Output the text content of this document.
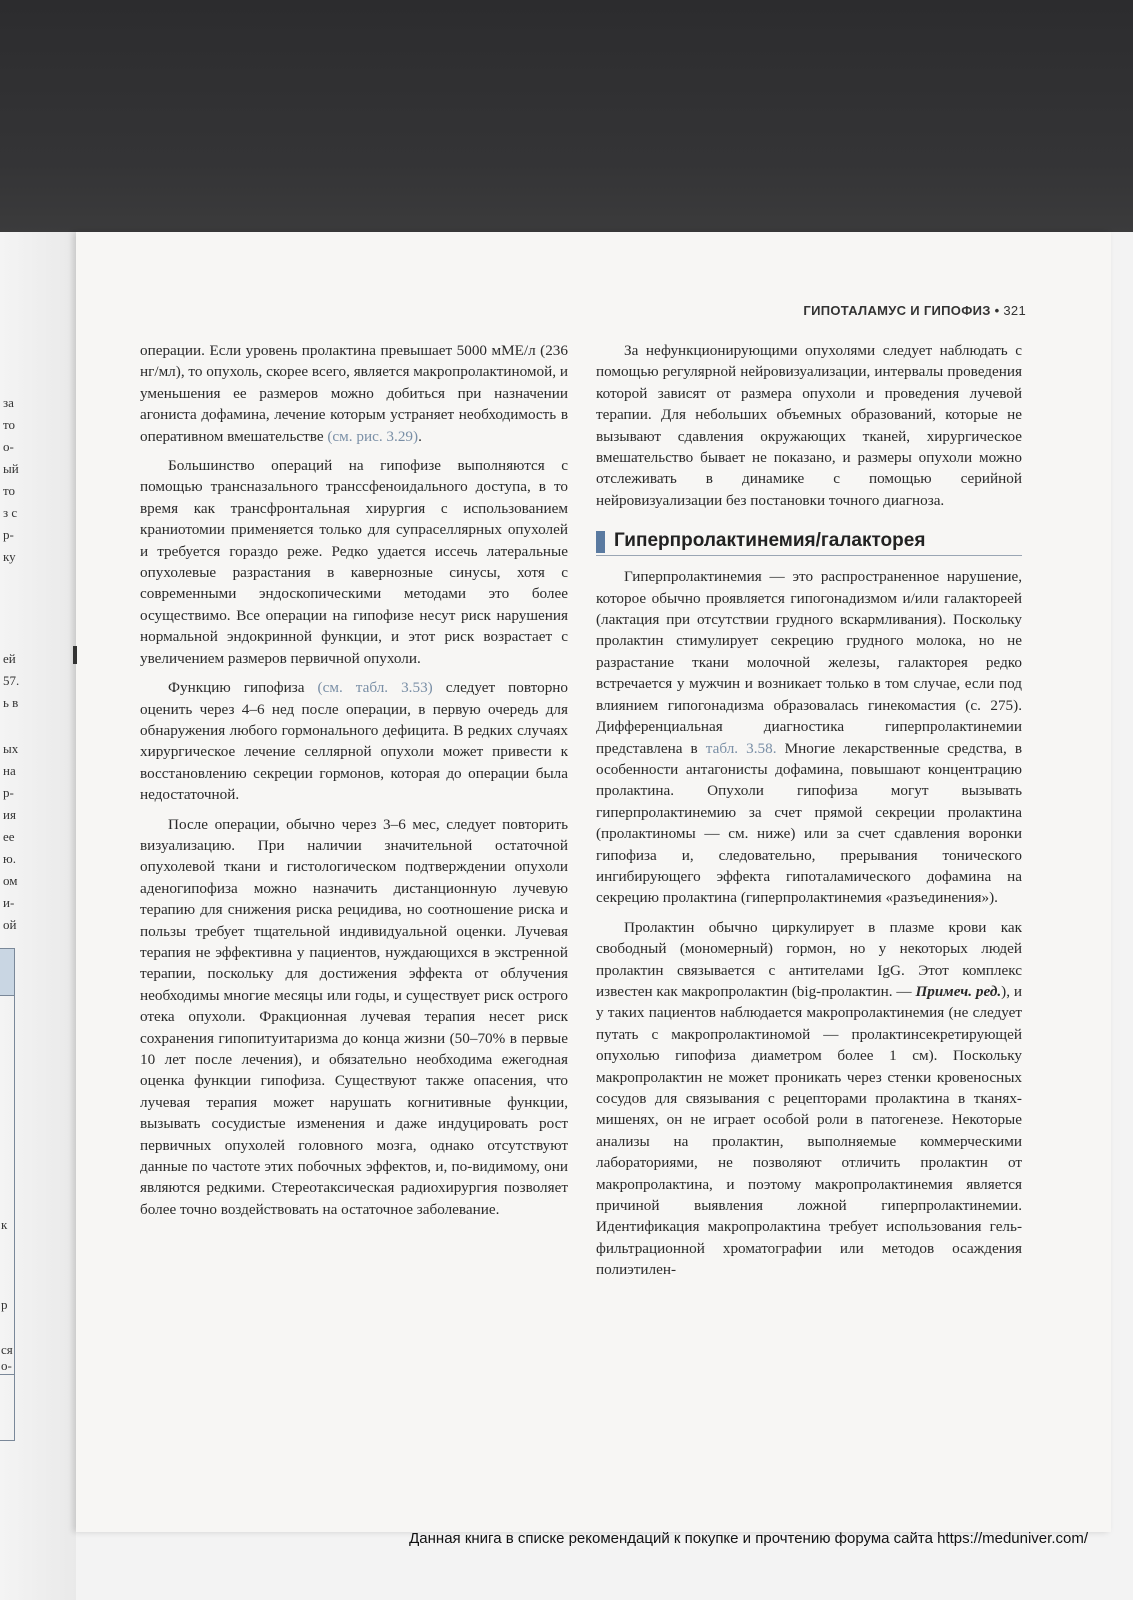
за
то
о-
ый
то
з с
р-
ку
ей
57.
ь в
ых
на
р-
ия
ее
ю.
ом
и-
ой
к
р
ся
о-
ГИПОТАЛАМУС И ГИПОФИЗ • 321

операции. Если уровень пролактина превышает 5000 мМЕ/л (236 нг/мл), то опухоль, скорее всего, является макропролактиномой, и уменьшения ее размеров можно добиться при назначении агониста дофамина, лечение которым устраняет необходимость в оперативном вмешательстве (см. рис. 3.29).

Большинство операций на гипофизе выполняются с помощью трансназального транссфеноидального доступа, в то время как трансфронтальная хирургия с использованием краниотомии применяется только для супраселлярных опухолей и требуется гораздо реже. Редко удается иссечь латеральные опухолевые разрастания в кавернозные синусы, хотя с современными эндоскопическими методами это более осуществимо. Все операции на гипофизе несут риск нарушения нормальной эндокринной функции, и этот риск возрастает с увеличением размеров первичной опухоли.

Функцию гипофиза (см. табл. 3.53) следует повторно оценить через 4–6 нед после операции, в первую очередь для обнаружения любого гормонального дефицита. В редких случаях хирургическое лечение селлярной опухоли может привести к восстановлению секреции гормонов, которая до операции была недостаточной.

После операции, обычно через 3–6 мес, следует повторить визуализацию. При наличии значительной остаточной опухолевой ткани и гистологическом подтверждении опухоли аденогипофиза можно назначить дистанционную лучевую терапию для снижения риска рецидива, но соотношение риска и пользы требует тщательной индивидуальной оценки. Лучевая терапия не эффективна у пациентов, нуждающихся в экстренной терапии, поскольку для достижения эффекта от облучения необходимы многие месяцы или годы, и существует риск острого отека опухоли. Фракционная лучевая терапия несет риск сохранения гипопитуитаризма до конца жизни (50–70% в первые 10 лет после лечения), и обязательно необходима ежегодная оценка функции гипофиза. Существуют также опасения, что лучевая терапия может нарушать когнитивные функции, вызывать сосудистые изменения и даже индуцировать рост первичных опухолей головного мозга, однако отсутствуют данные по частоте этих побочных эффектов, и, по-видимому, они являются редкими. Стереотаксическая радиохирургия позволяет более точно воздействовать на остаточное заболевание.

За нефункционирующими опухолями следует наблюдать с помощью регулярной нейровизуализации, интервалы проведения которой зависят от размера опухоли и проведения лучевой терапии. Для небольших объемных образований, которые не вызывают сдавления окружающих тканей, хирургическое вмешательство бывает не показано, и размеры опухоли можно отслеживать в динамике с помощью серийной нейровизуализации без постановки точного диагноза.

Гиперпролактинемия/галакторея

Гиперпролактинемия — это распространенное нарушение, которое обычно проявляется гипогонадизмом и/или галактореей (лактация при отсутствии грудного вскармливания). Поскольку пролактин стимулирует секрецию грудного молока, но не разрастание ткани молочной железы, галакторея редко встречается у мужчин и возникает только в том случае, если под влиянием гипогонадизма образовалась гинекомастия (с. 275). Дифференциальная диагностика гиперпролактинемии представлена в табл. 3.58. Многие лекарственные средства, в особенности антагонисты дофамина, повышают концентрацию пролактина. Опухоли гипофиза могут вызывать гиперпролактинемию за счет прямой секреции пролактина (пролактиномы — см. ниже) или за счет сдавления воронки гипофиза и, следовательно, прерывания тонического ингибирующего эффекта гипоталамического дофамина на секрецию пролактина (гиперпролактинемия «разъединения»).

Пролактин обычно циркулирует в плазме крови как свободный (мономерный) гормон, но у некоторых людей пролактин связывается с антителами IgG. Этот комплекс известен как макропролактин (big-пролактин. — Примеч. ред.), и у таких пациентов наблюдается макропролактинемия (не следует путать с макропролактиномой — пролактинсекретирующей опухолью гипофиза диаметром более 1 см). Поскольку макропролактин не может проникать через стенки кровеносных сосудов для связывания с рецепторами пролактина в тканях-мишенях, он не играет особой роли в патогенезе. Некоторые анализы на пролактин, выполняемые коммерческими лабораториями, не позволяют отличить пролактин от макропролактина, и поэтому макропролактинемия является причиной выявления ложной гиперпролактинемии. Идентификация макропролактина требует использования гель-фильтрационной хроматографии или методов осаждения полиэтилен-

Данная книга в списке рекомендаций к покупке и прочтению форума сайта https://meduniver.com/
